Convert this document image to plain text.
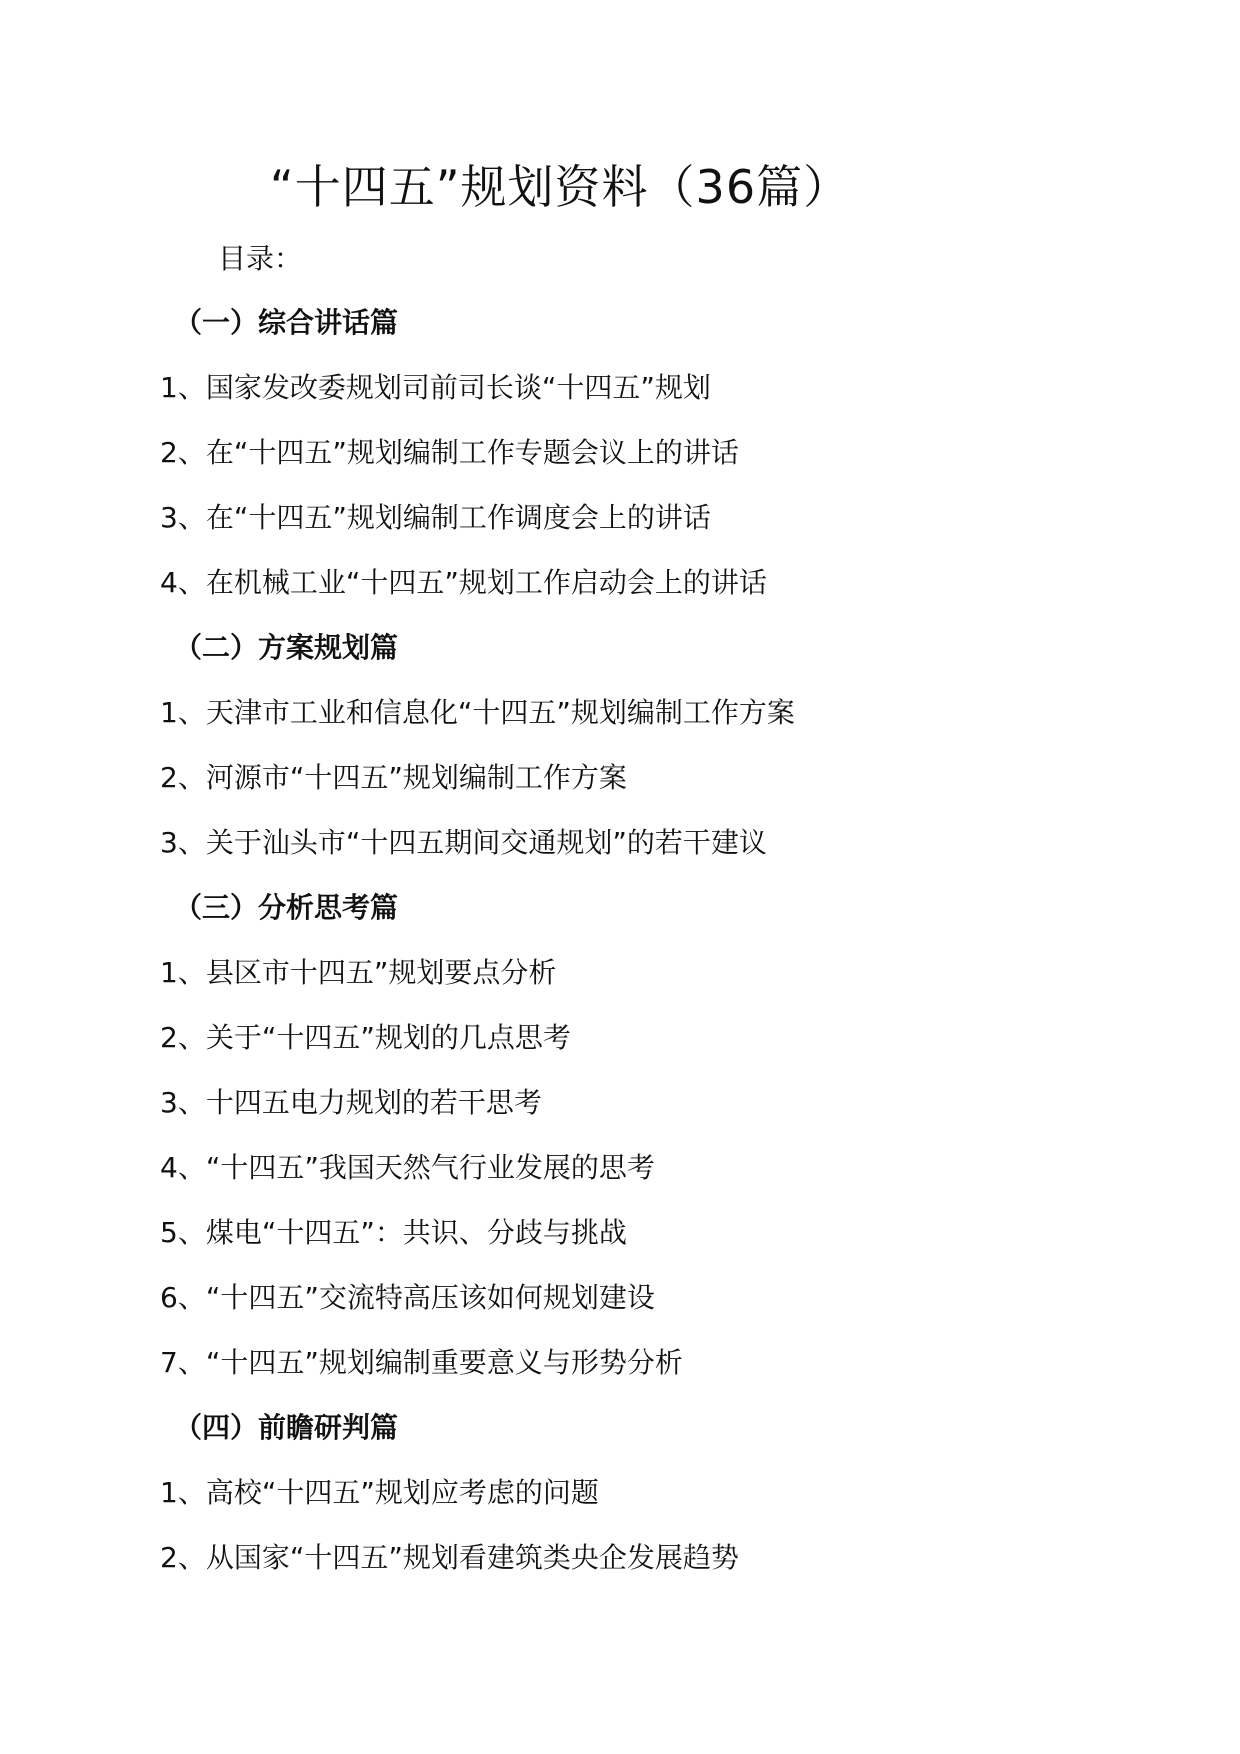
“十四五”规划资料（36篇）

目录：

（一）综合讲话篇

1、国家发改委规划司前司长谈“十四五”规划

2、在“十四五”规划编制工作专题会议上的讲话

3、在“十四五”规划编制工作调度会上的讲话

4、在机械工业“十四五”规划工作启动会上的讲话

（二）方案规划篇

1、天津市工业和信息化“十四五”规划编制工作方案

2、河源市“十四五”规划编制工作方案

3、关于汕头市“十四五期间交通规划”的若干建议

（三）分析思考篇

1、县区市十四五”规划要点分析

2、关于“十四五”规划的几点思考

3、十四五电力规划的若干思考

4、“十四五”我国天然气行业发展的思考

5、煤电“十四五”：共识、分歧与挑战

6、“十四五”交流特高压该如何规划建设

7、“十四五”规划编制重要意义与形势分析

（四）前瞻研判篇

1、高校“十四五”规划应考虑的问题

2、从国家“十四五”规划看建筑类央企发展趋势
